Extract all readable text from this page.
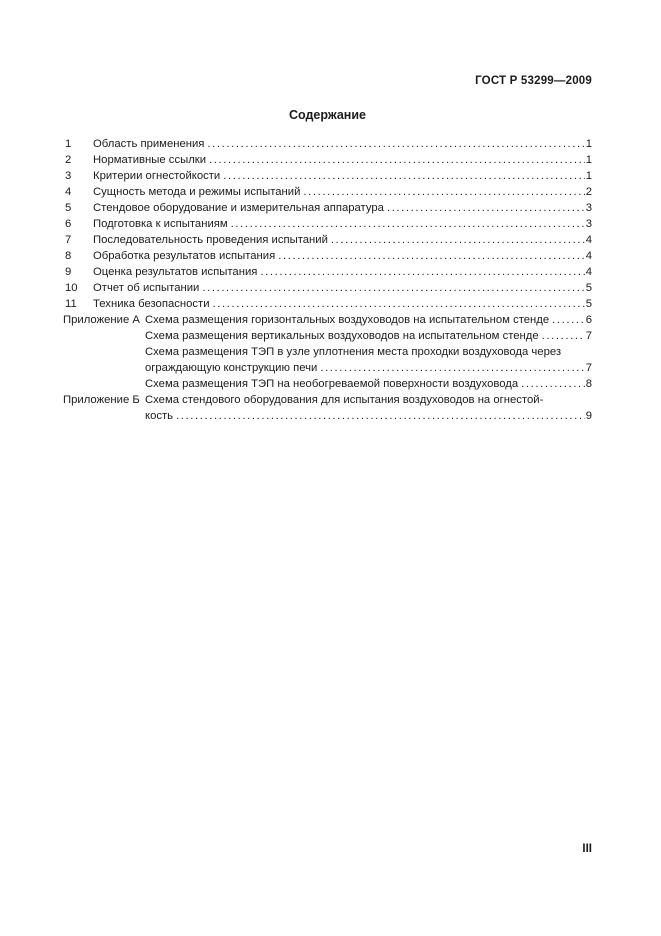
ГОСТ Р 53299—2009
Содержание
1	Область применения .....	1
2	Нормативные ссылки .....	1
3	Критерии огнестойкости .....	1
4	Сущность метода и режимы испытаний .....	2
5	Стендовое оборудование и измерительная аппаратура .....	3
6	Подготовка к испытаниям .....	3
7	Последовательность проведения испытаний .....	4
8	Обработка результатов испытания .....	4
9	Оценка результатов испытания .....	4
10	Отчет об испытании .....	5
11	Техника безопасности .....	5
Приложение А Схема размещения горизонтальных воздуховодов на испытательном стенде .....	6
Схема размещения вертикальных воздуховодов на испытательном стенде .....	7
Схема размещения ТЭП в узле уплотнения места проходки воздуховода через
ограждающую конструкцию печи .....	7
Схема размещения ТЭП на необогреваемой поверхности воздуховода .....	8
Приложение Б Схема стендового оборудования для испытания воздуховодов на огнестой-
кость .....	9
III
